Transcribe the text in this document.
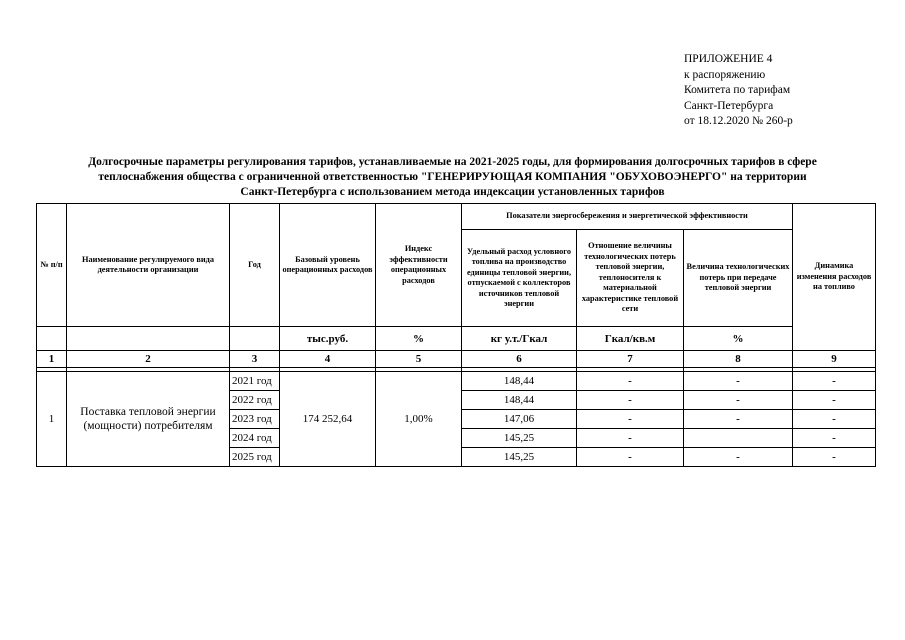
ПРИЛОЖЕНИЕ 4
к распоряжению
Комитета по тарифам
Санкт-Петербурга
от 18.12.2020 № 260-р
Долгосрочные параметры регулирования тарифов, устанавливаемые на 2021-2025 годы, для формирования долгосрочных тарифов в сфере
теплоснабжения общества с ограниченной ответственностью "ГЕНЕРИРУЮЩАЯ КОМПАНИЯ "ОБУХОВОЭНЕРГО" на территории
Санкт-Петербурга с использованием метода индексации установленных тарифов
№ п/п	Наименование регулируемого вида деятельности организации	Год	Базовый уровень операционных расходов	Индекс эффективности операционных расходов	Показатели энергосбережения и энергетической эффективности			Динамика изменения расходов на топливо
					Удельный расход условного топлива на производство единицы тепловой энергии, отпускаемой с коллекторов источников тепловой энергии	Отношение величины технологических потерь тепловой энергии, теплоносителя к материальной характеристике тепловой сети	Величина технологических потерь при передаче тепловой энергии	
			тыс.руб.	%	кг у.т./Гкал	Гкал/кв.м	%	
1	2	3	4	5	6	7	8	9

1	Поставка тепловой энергии (мощности) потребителям	2021 год	174 252,64	1,00%	148,44	-	-	-
		2022 год			148,44	-	-	-
		2023 год			147,06	-	-	-
		2024 год			145,25	-		-
		2025 год			145,25	-	-	-
